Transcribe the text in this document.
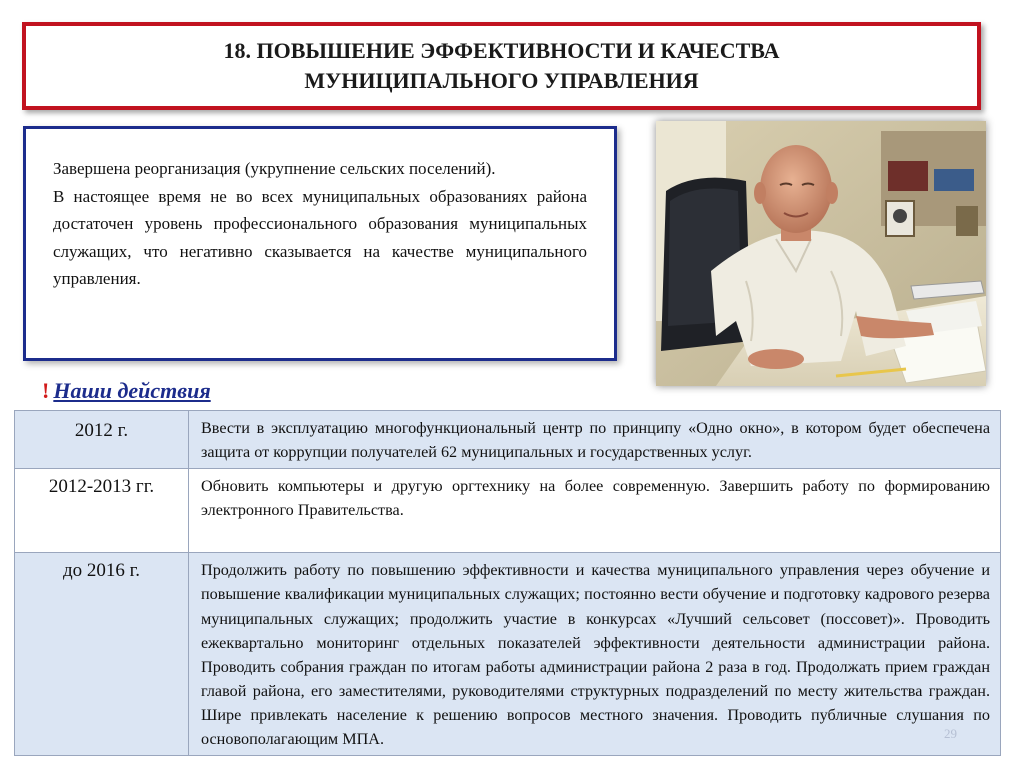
18. ПОВЫШЕНИЕ ЭФФЕКТИВНОСТИ И КАЧЕСТВА
МУНИЦИПАЛЬНОГО УПРАВЛЕНИЯ

Завершена реорганизация (укрупнение сельских поселений).

В настоящее время не во всех муниципальных образованиях района достаточен уровень профессионального образования муниципальных служащих, что негативно сказывается на качестве муниципального управления.

! Наши действия
2012 г.	Ввести в эксплуатацию многофункциональный центр по принципу «Одно окно», в котором будет обеспечена защита от коррупции получателей 62 муниципальных и государственных услуг.
2012-2013 гг.	Обновить компьютеры и другую оргтехнику на более современную. Завершить работу по формированию электронного Правительства.
до 2016 г.	Продолжить работу по повышению эффективности и качества муниципального управления через обучение и повышение квалификации муниципальных служащих; постоянно вести обучение и подготовку кадрового резерва муниципальных служащих; продолжить участие в конкурсах «Лучший сельсовет (поссовет)». Проводить ежеквартально мониторинг отдельных показателей эффективности деятельности администрации района. Проводить собрания граждан по итогам работы администрации района 2 раза в год. Продолжать прием граждан главой района, его заместителями, руководителями структурных подразделений по месту жительства граждан. Шире привлекать население к решению вопросов местного значения. Проводить публичные слушания по основополагающим МПА.	29
